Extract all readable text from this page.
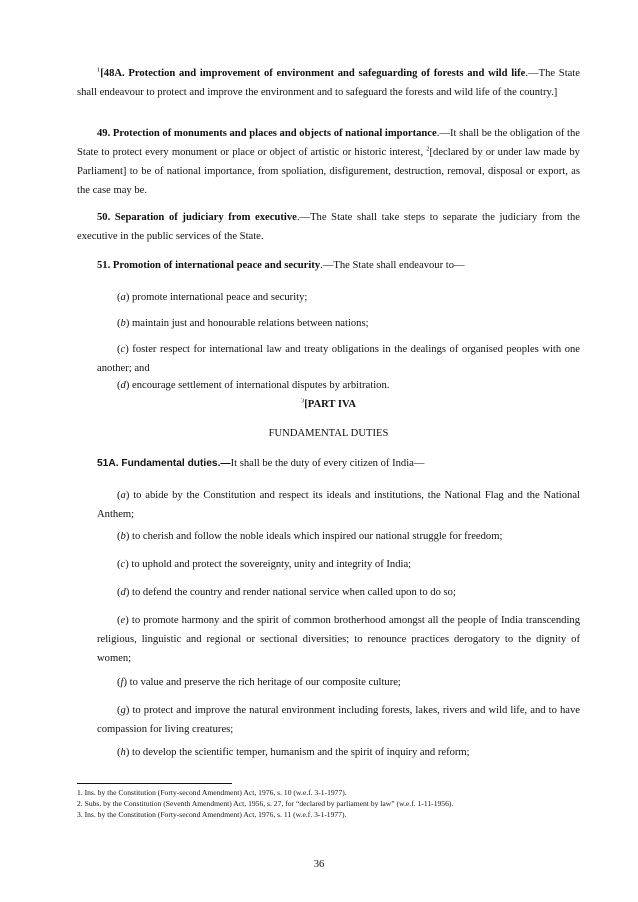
$^1$[48A. Protection and improvement of environment and safeguarding of forests and wild life.—The State shall endeavour to protect and improve the environment and to safeguard the forests and wild life of the country.]

49. Protection of monuments and places and objects of national importance.—It shall be the obligation of the State to protect every monument or place or object of artistic or historic interest, $^2$[declared by or under law made by Parliament] to be of national importance, from spoliation, disfigurement, destruction, removal, disposal or export, as the case may be.

50. Separation of judiciary from executive.—The State shall take steps to separate the judiciary from the executive in the public services of the State.

51. Promotion of international peace and security.—The State shall endeavour to—

(a) promote international peace and security;

(b) maintain just and honourable relations between nations;

(c) foster respect for international law and treaty obligations in the dealings of organised peoples with one another; and

(d) encourage settlement of international disputes by arbitration.

$^3$[PART IVA

FUNDAMENTAL DUTIES

51A. Fundamental duties.—It shall be the duty of every citizen of India—

(a) to abide by the Constitution and respect its ideals and institutions, the National Flag and the National Anthem;

(b) to cherish and follow the noble ideals which inspired our national struggle for freedom;

(c) to uphold and protect the sovereignty, unity and integrity of India;

(d) to defend the country and render national service when called upon to do so;

(e) to promote harmony and the spirit of common brotherhood amongst all the people of India transcending religious, linguistic and regional or sectional diversities; to renounce practices derogatory to the dignity of women;

(f) to value and preserve the rich heritage of our composite culture;

(g) to protect and improve the natural environment including forests, lakes, rivers and wild life, and to have compassion for living creatures;

(h) to develop the scientific temper, humanism and the spirit of inquiry and reform;

1. Ins. by the Constitution (Forty-second Amendment) Act, 1976, s. 10 (w.e.f. 3-1-1977).

2. Subs. by the Constitution (Seventh Amendment) Act, 1956, s. 27, for “declared by parliament by law” (w.e.f. 1-11-1956).

3. Ins. by the Constitution (Forty-second Amendment) Act, 1976, s. 11 (w.e.f. 3-1-1977).

36
